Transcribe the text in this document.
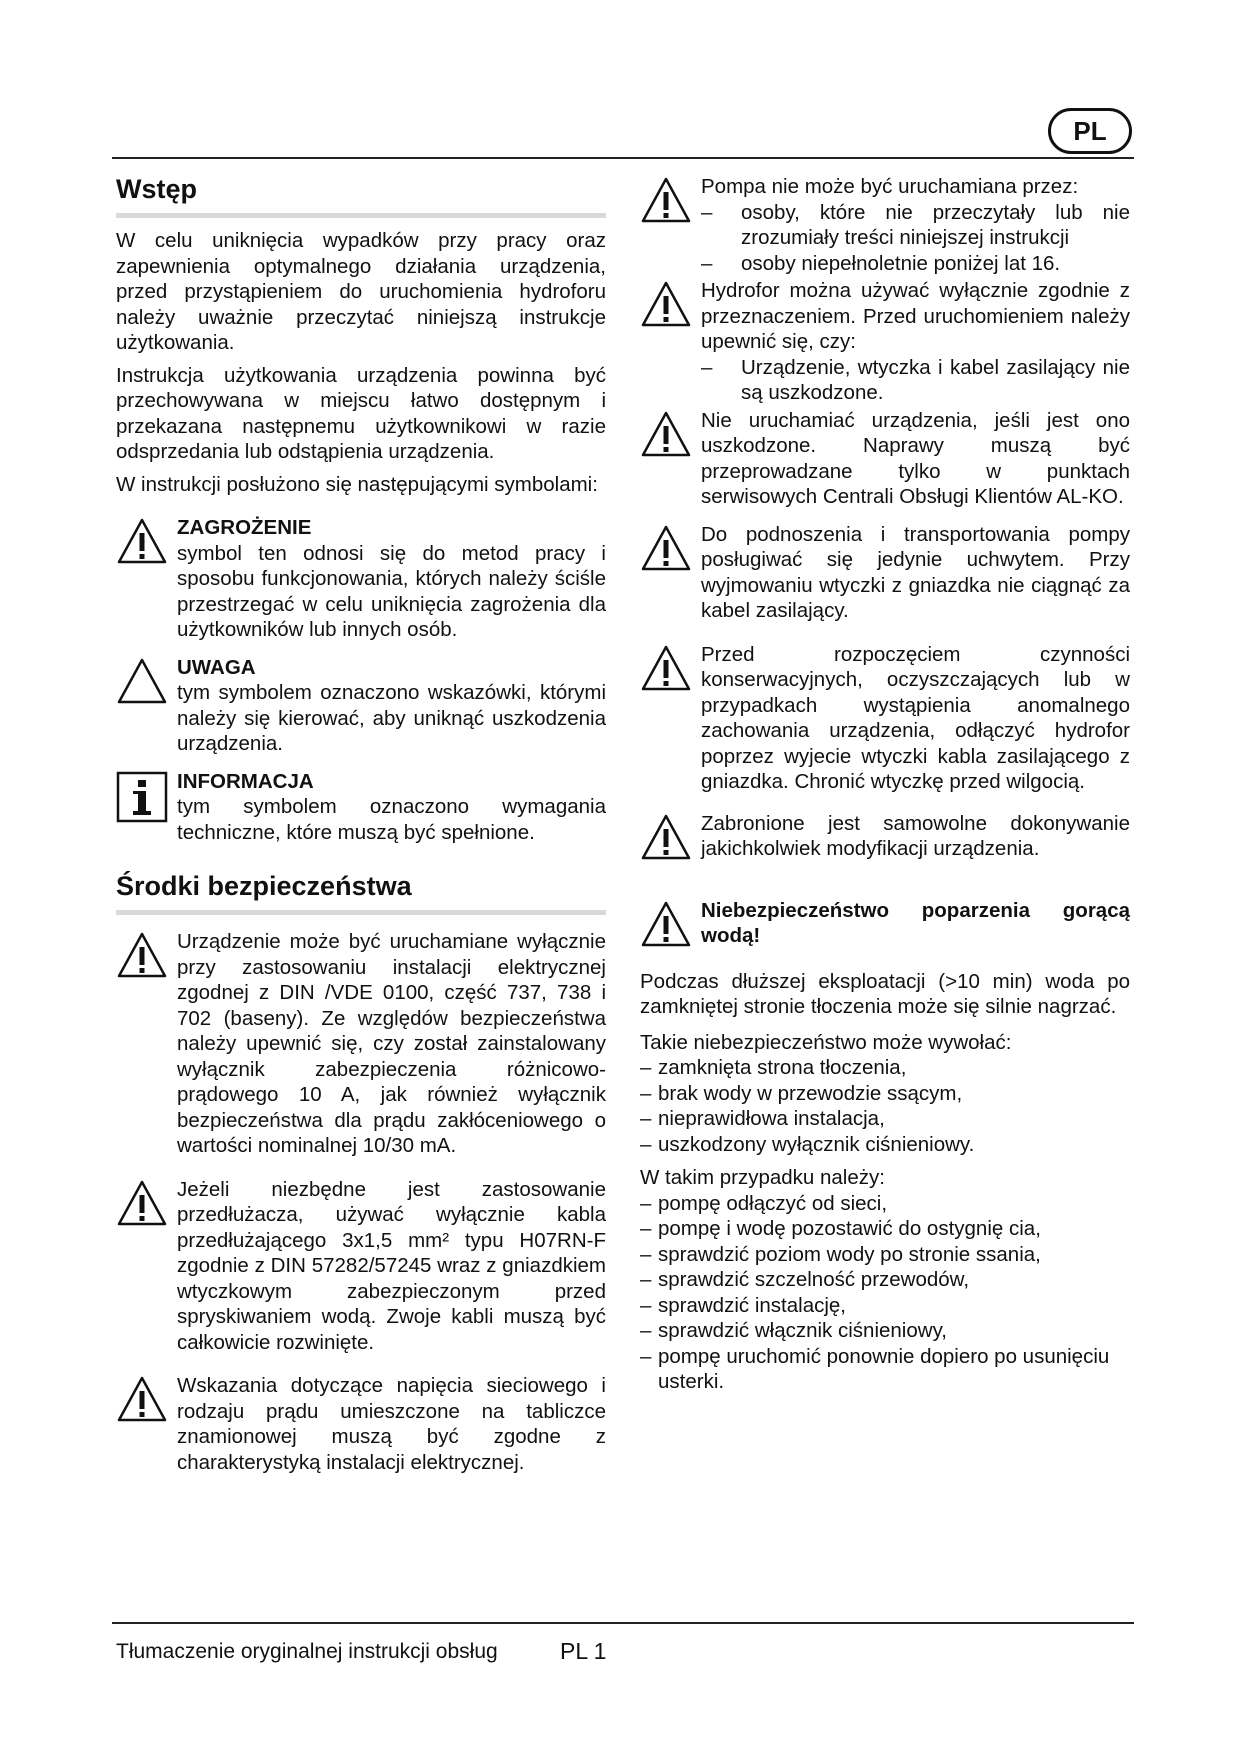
PL
Wstęp

W celu uniknięcia wypadków przy pracy oraz zapewnienia optymalnego działania urządzenia, przed przystąpieniem do uruchomienia hydroforu należy uważnie przeczytać niniejszą instrukcje użytkowania.

Instrukcja użytkowania urządzenia powinna być przechowywana w miejscu łatwo dostępnym i przekazana następnemu użytkownikowi w razie odsprzedania lub odstąpienia urządzenia.

W instrukcji posłużono się następującymi symbolami:

ZAGROŻENIE

symbol ten odnosi się do metod pracy i sposobu funkcjonowania, których należy ściśle przestrzegać w celu uniknięcia zagrożenia dla użytkowników lub innych osób.

UWAGA

tym symbolem oznaczono wskazówki, którymi należy się kierować, aby uniknąć uszkodzenia urządzenia.

INFORMACJA

tym symbolem oznaczono wymagania techniczne, które muszą być spełnione.

Środki bezpieczeństwa

Urządzenie może być uruchamiane wyłącznie przy zastosowaniu instalacji elektrycznej zgodnej z DIN /VDE 0100, część 737, 738 i 702 (baseny). Ze względów bezpieczeństwa należy upewnić się, czy został zainstalowany wyłącznik zabezpieczenia różnicowo-prądowego 10 A, jak również wyłącznik bezpieczeństwa dla prądu zakłóceniowego o wartości nominalnej 10/30 mA.

Jeżeli niezbędne jest zastosowanie przedłużacza, używać wyłącznie kabla przedłużającego 3x1,5 mm² typu H07RN-F zgodnie z DIN 57282/57245 wraz z gniazdkiem wtyczkowym zabezpieczonym przed spryskiwaniem wodą. Zwoje kabli muszą być całkowicie rozwinięte.

Wskazania dotyczące napięcia sieciowego i rodzaju prądu umieszczone na tabliczce znamionowej muszą być zgodne z charakterystyką instalacji elektrycznej.

Pompa nie może być uruchamiana przez:

– osoby, które nie przeczytały lub nie zrozumiały treści niniejszej instrukcji
– osoby niepełnoletnie poniżej lat 16.

Hydrofor można używać wyłącznie zgodnie z przeznaczeniem. Przed uruchomieniem należy upewnić się, czy:

– Urządzenie, wtyczka i kabel zasilający nie są uszkodzone.

Nie uruchamiać urządzenia, jeśli jest ono uszkodzone. Naprawy muszą być przeprowadzane tylko w punktach serwisowych Centrali Obsługi Klientów AL-KO.

Do podnoszenia i transportowania pompy posługiwać się jedynie uchwytem. Przy wyjmowaniu wtyczki z gniazdka nie ciągnąć za kabel zasilający.

Przed rozpoczęciem czynności konserwacyjnych, oczyszczających lub w przypadkach wystąpienia anomalnego zachowania urządzenia, odłączyć hydrofor poprzez wyjecie wtyczki kabla zasilającego z gniazdka. Chronić wtyczkę przed wilgocią.

Zabronione jest samowolne dokonywanie jakichkolwiek modyfikacji urządzenia.

Niebezpieczeństwo poparzenia gorącą wodą!

Podczas dłuższej eksploatacji (>10 min) woda po zamkniętej stronie tłoczenia może się silnie nagrzać.

Takie niebezpieczeństwo może wywołać:

– zamknięta strona tłoczenia,
– brak wody w przewodzie ssącym,
– nieprawidłowa instalacja,
– uszkodzony wyłącznik ciśnieniowy.

W takim przypadku należy:

– pompę odłączyć od sieci,
– pompę i wodę pozostawić do ostygnię cia,
– sprawdzić poziom wody po stronie ssania,
– sprawdzić szczelność przewodów,
– sprawdzić instalację,
– sprawdzić włącznik ciśnieniowy,
– pompę uruchomić ponownie dopiero po usunięciu usterki.
Tłumaczenie oryginalnej instrukcji obsług	PL 1
